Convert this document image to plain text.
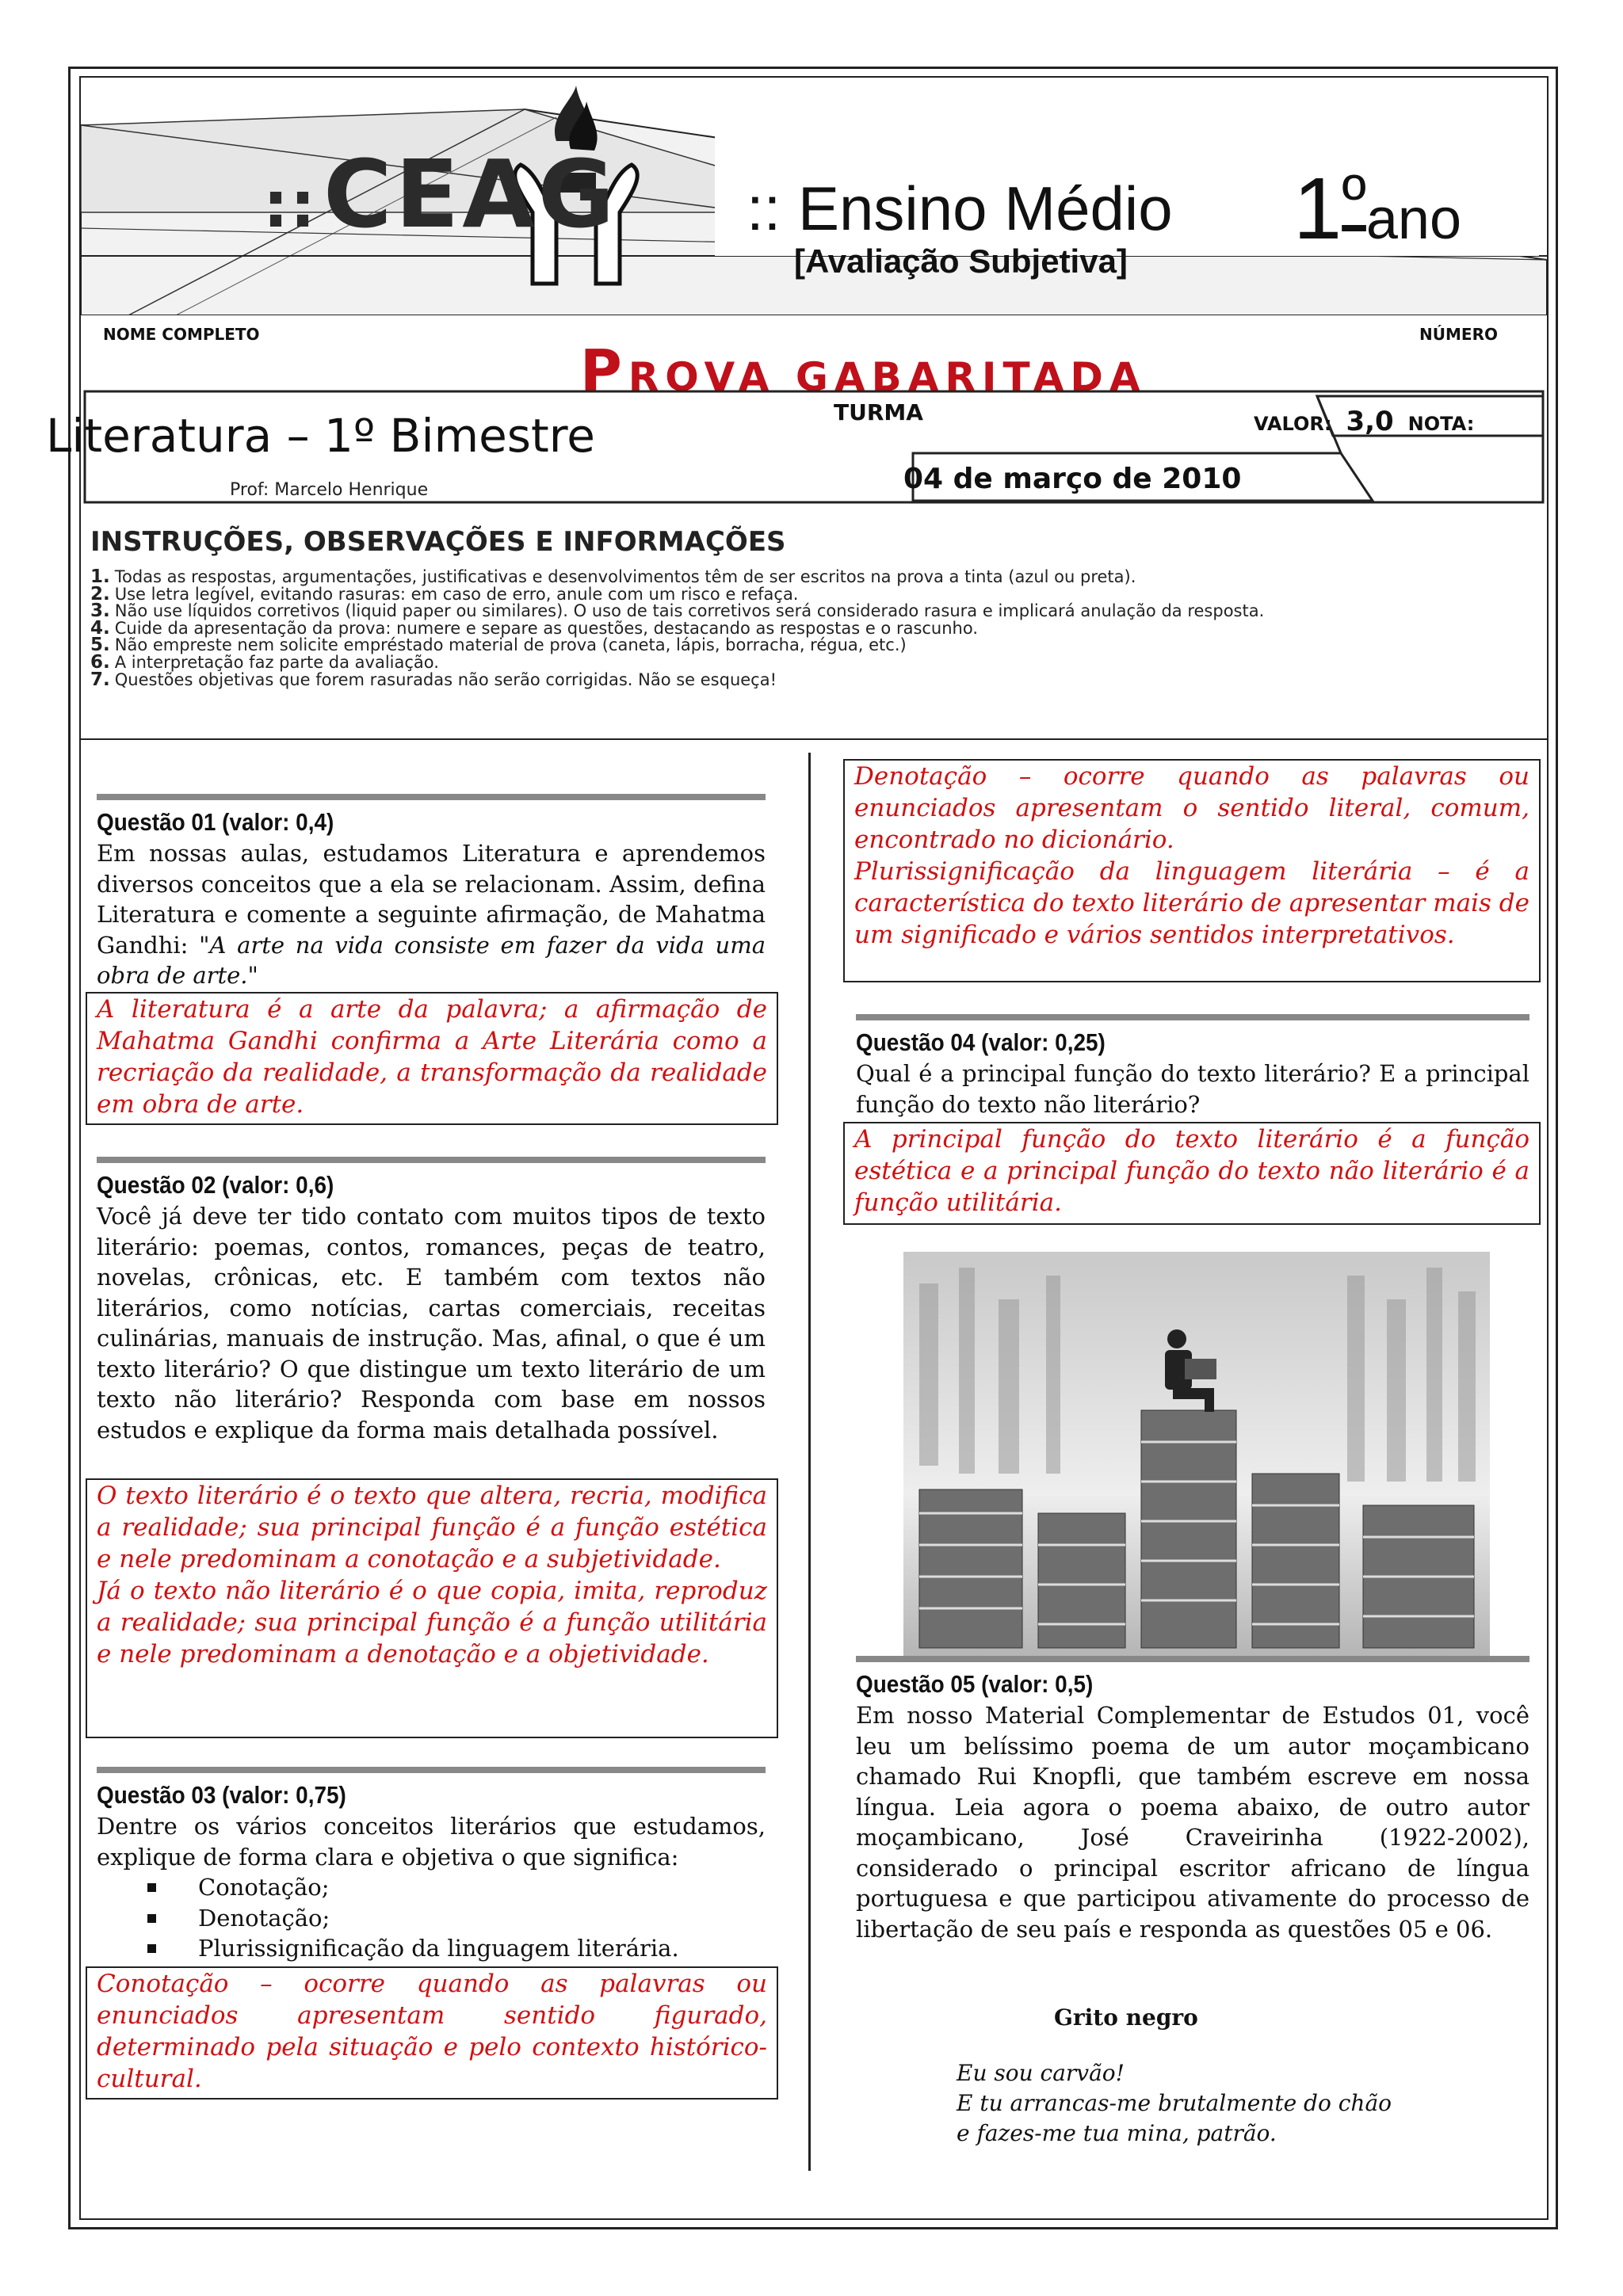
::CEAG :: Ensino Médio
[Avaliação Subjetiva]
$1^ºano$
NOME COMPLETO	NÚMERO
PROVA GABARITADA
Literatura – 1º Bimestre
Prof: Marcelo Henrique
TURMA
04 de março de 2010
VALOR: 3,0 NOTA:
INSTRUÇÕES, OBSERVAÇÕES E INFORMAÇÕES
1. Todas as respostas, argumentações, justificativas e desenvolvimentos têm de ser escritos na prova a tinta (azul ou preta).
2. Use letra legível, evitando rasuras: em caso de erro, anule com um risco e refaça.
3. Não use líquidos corretivos (liquid paper ou similares). O uso de tais corretivos será considerado rasura e implicará anulação da resposta.
4. Cuide da apresentação da prova: numere e separe as questões, destacando as respostas e o rascunho.
5. Não empreste nem solicite empréstado material de prova (caneta, lápis, borracha, régua, etc.)
6. A interpretação faz parte da avaliação.
7. Questões objetivas que forem rasuradas não serão corrigidas. Não se esqueça!
Questão 01 (valor: 0,4)

Em nossas aulas, estudamos Literatura e aprendemos diversos conceitos que a ela se relacionam. Assim, defina Literatura e comente a seguinte afirmação, de Mahatma Gandhi: "A arte na vida consiste em fazer da vida uma obra de arte."

A literatura é a arte da palavra; a afirmação de Mahatma Gandhi confirma a Arte Literária como a recriação da realidade, a transformação da realidade em obra de arte.

Questão 02 (valor: 0,6)

Você já deve ter tido contato com muitos tipos de texto literário: poemas, contos, romances, peças de teatro, novelas, crônicas, etc. E também com textos não literários, como notícias, cartas comerciais, receitas culinárias, manuais de instrução. Mas, afinal, o que é um texto literário? O que distingue um texto literário de um texto não literário? Responda com base em nossos estudos e explique da forma mais detalhada possível.

O texto literário é o texto que altera, recria, modifica a realidade; sua principal função é a função estética e nele predominam a conotação e a subjetividade.

Já o texto não literário é o que copia, imita, reproduz a realidade; sua principal função é a função utilitária e nele predominam a denotação e a objetividade.

Questão 03 (valor: 0,75)

Dentre os vários conceitos literários que estudamos, explique de forma clara e objetiva o que significa:

Conotação;
Denotação;
Plurissignificação da linguagem literária.

Conotação – ocorre quando as palavras ou enunciados apresentam sentido figurado, determinado pela situação e pelo contexto histórico-cultural.

Denotação – ocorre quando as palavras ou enunciados apresentam o sentido literal, comum, encontrado no dicionário.

Plurissignificação da linguagem literária – é a característica do texto literário de apresentar mais de um significado e vários sentidos interpretativos.

Questão 04 (valor: 0,25)

Qual é a principal função do texto literário? E a principal função do texto não literário?

A principal função do texto literário é a função estética e a principal função do texto não literário é a função utilitária.

Questão 05 (valor: 0,5)

Em nosso Material Complementar de Estudos 01, você leu um belíssimo poema de um autor moçambicano chamado Rui Knopfli, que também escreve em nossa língua. Leia agora o poema abaixo, de outro autor moçambicano, José Craveirinha (1922-2002), considerado o principal escritor africano de língua portuguesa e que participou ativamente do processo de libertação de seu país e responda as questões 05 e 06.

Grito negro
Eu sou carvão!
E tu arrancas-me brutalmente do chão
e fazes-me tua mina, patrão.
